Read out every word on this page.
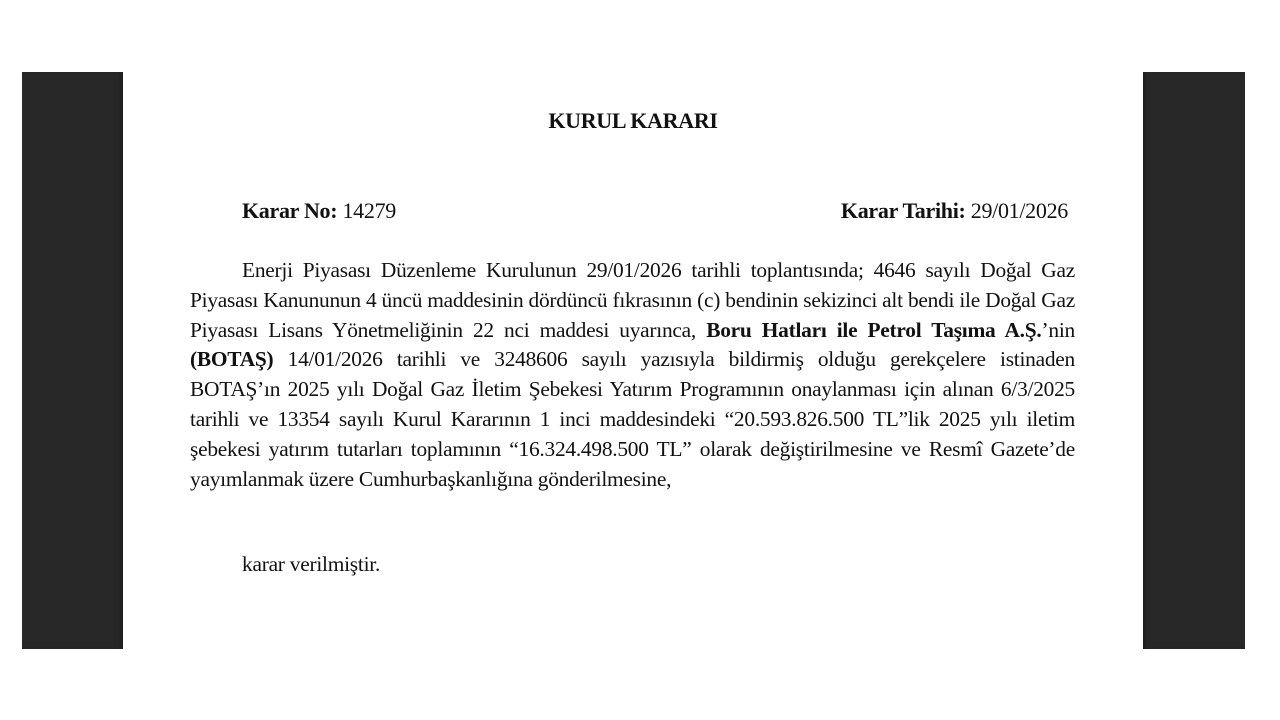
KURUL KARARI
Karar No: 14279	Karar Tarihi: 29/01/2026

Enerji Piyasası Düzenleme Kurulunun 29/01/2026 tarihli toplantısında; 4646 sayılı Doğal Gaz Piyasası Kanununun 4 üncü maddesinin dördüncü fıkrasının (c) bendinin sekizinci alt bendi ile Doğal Gaz Piyasası Lisans Yönetmeliğinin 22 nci maddesi uyarınca, Boru Hatları ile Petrol Taşıma A.Ş.’nin (BOTAŞ) 14/01/2026 tarihli ve 3248606 sayılı yazısıyla bildirmiş olduğu gerekçelere istinaden BOTAŞ’ın 2025 yılı Doğal Gaz İletim Şebekesi Yatırım Programının onaylanması için alınan 6/3/2025 tarihli ve 13354 sayılı Kurul Kararının 1 inci maddesindeki “20.593.826.500 TL”lik 2025 yılı iletim şebekesi yatırım tutarları toplamının “16.324.498.500 TL” olarak değiştirilmesine ve Resmî Gazete’de yayımlanmak üzere Cumhurbaşkanlığına gönderilmesine,

karar verilmiştir.
